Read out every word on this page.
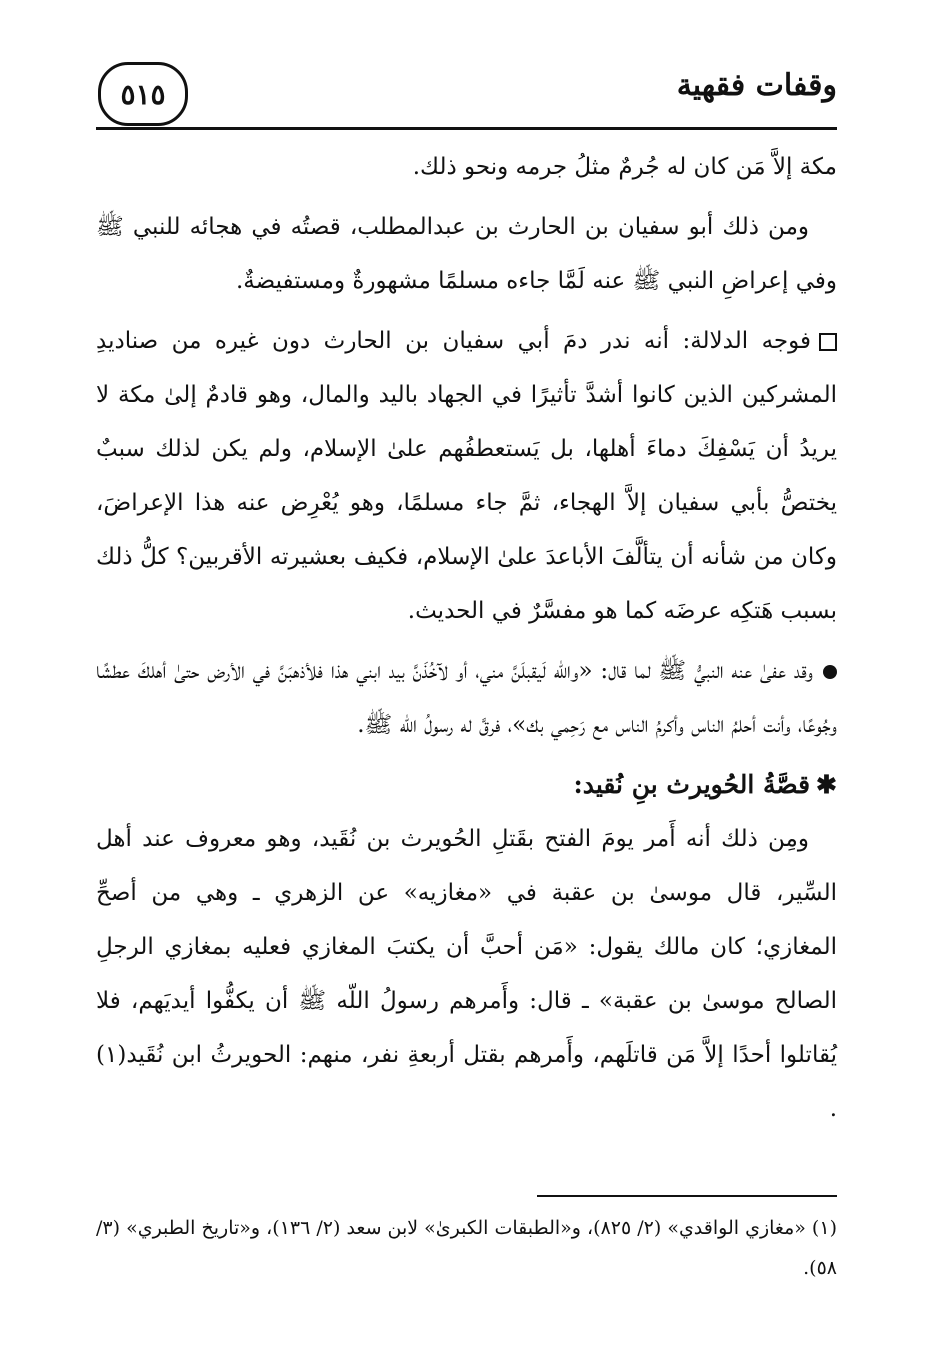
وقفات فقهية
٥١٥

مكة إلاَّ مَن كان له جُرمٌ مثلُ جرمه ونحو ذلك.

ومن ذلك أبو سفيان بن الحارث بن عبدالمطلب، قصتُه في هجائه للنبي ﷺ وفي إعراضِ النبي ﷺ عنه لَمَّا جاءه مسلمًا مشهورةٌ ومستفيضةٌ.

فوجه الدلالة: أنه ندر دمَ أبي سفيان بن الحارث دون غيره من صناديدِ المشركين الذين كانوا أشدَّ تأثيرًا في الجهاد باليد والمال، وهو قادمٌ إلىٰ مكة لا يريدُ أن يَسْفِكَ دماءَ أهلها، بل يَستعطفُهم علىٰ الإسلام، ولم يكن لذلك سببٌ يختصُّ بأبي سفيان إلاَّ الهجاء، ثمَّ جاء مسلمًا، وهو يُعْرِض عنه هذا الإعراضَ، وكان من شأنه أن يتألَّفَ الأباعدَ علىٰ الإسلام، فكيف بعشيرته الأقربين؟ كلُّ ذلك بسبب هَتكِه عرضَه كما هو مفسَّرٌ في الحديث.

وقد عفىٰ عنه النبيُّ ﷺ لما قال: «واللّه لَيقبلَنَّ مني، أو لآخُذَنَّ بيد ابني هذا فلأذهبَنَّ في الأرض حتىٰ أهلكَ عطشًا وجُوعًا، وأنت أحلمُ الناس وأكرمُ الناس مع رَحِمي بك»، فرقَّ له رسولُ اللّه ﷺ.

✱قصَّةُ الحُويرث بنِ نُقيد:

ومِن ذلك أنه أَمر يومَ الفتح بقَتلِ الحُويرث بن نُقَيد، وهو معروف عند أهل السِّير، قال موسىٰ بن عقبة في «مغازيه» عن الزهري ـ وهي من أصحِّ المغازي؛ كان مالك يقول: «مَن أحبَّ أن يكتبَ المغازي فعليه بمغازي الرجلِ الصالح موسىٰ بن عقبة» ـ قال: وأَمرهم رسولُ اللّه ﷺ أن يكفُّوا أيديَهم، فلا يُقاتلوا أحدًا إلاَّ مَن قاتلَهم، وأَمرهم بقتل أربعةِ نفر، منهم: الحويرثُ ابن نُقَيد(١) .

(١) «مغازي الواقدي» (٢/ ٨٢٥)، و«الطبقات الكبرىٰ» لابن سعد (٢/ ١٣٦)، و«تاريخ الطبري» (٣/ ٥٨).
